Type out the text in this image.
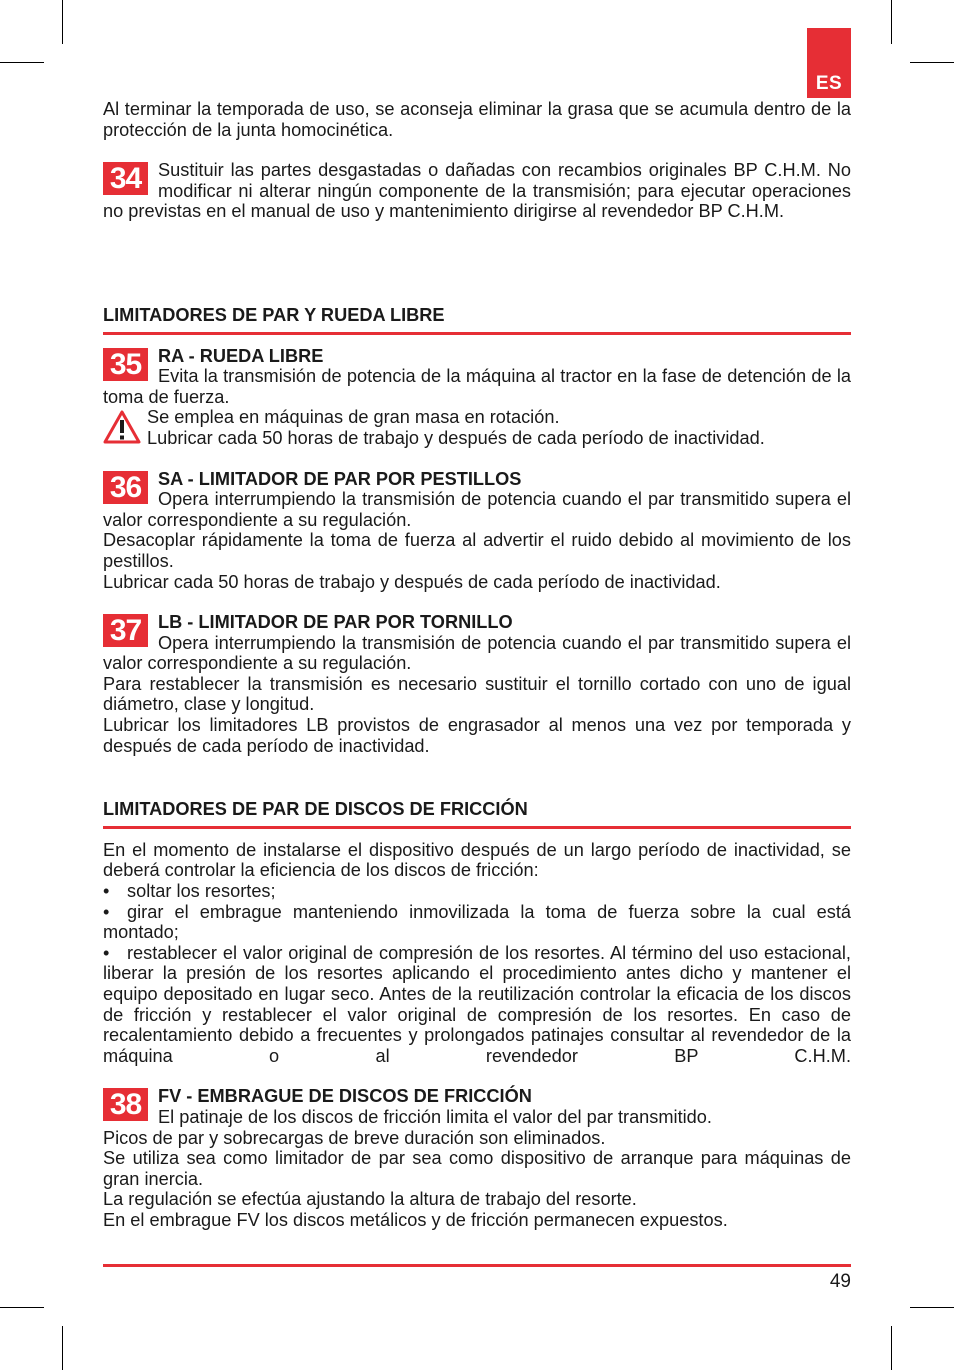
ES

Al terminar la temporada de uso, se aconseja eliminar la grasa que se acumula dentro de la protección de la junta homocinética.

34 Sustituir las partes desgastadas o dañadas con recambios originales BP C.H.M. No modificar ni alterar ningún componente de la transmisión; para ejecutar operaciones no previstas en el manual de uso y mantenimiento dirigirse al revendedor BP C.H.M.

LIMITADORES DE PAR Y RUEDA LIBRE
35 RA - RUEDA LIBRE

Evita la transmisión de potencia de la máquina al tractor en la fase de detención de la toma de fuerza.

Se emplea en máquinas de gran masa en rotación.

Lubricar cada 50 horas de trabajo y después de cada período de inactividad.

36 SA - LIMITADOR DE PAR POR PESTILLOS

Opera interrumpiendo la transmisión de potencia cuando el par transmitido supera el valor correspondiente a su regulación.

Desacoplar rápidamente la toma de fuerza al advertir el ruido debido al movimiento de los pestillos.

Lubricar cada 50 horas de trabajo y después de cada período de inactividad.

37 LB - LIMITADOR DE PAR POR TORNILLO

Opera interrumpiendo la transmisión de potencia cuando el par transmitido supera el valor correspondiente a su regulación.

Para restablecer la transmisión es necesario sustituir el tornillo cortado con uno de igual diámetro, clase y longitud.

Lubricar los limitadores LB provistos de engrasador al menos una vez por temporada y después de cada período de inactividad.

LIMITADORES DE PAR DE DISCOS DE FRICCIÓN

En el momento de instalarse el dispositivo después de un largo período de inactividad, se deberá controlar la eficiencia de los discos de fricción:

• soltar los resortes;

• girar el embrague manteniendo inmovilizada la toma de fuerza sobre la cual está montado;

• restablecer el valor original de compresión de los resortes. Al término del uso estacional, liberar la presión de los resortes aplicando el procedimiento antes dicho y mantener el equipo depositado en lugar seco. Antes de la reutilización controlar la eficacia de los discos de fricción y restablecer el valor original de compresión de los resortes. En caso de recalentamiento debido a frecuentes y prolongados patinajes consultar al revendedor de la máquina o al revendedor BP C.H.M.

38 FV - EMBRAGUE DE DISCOS DE FRICCIÓN

El patinaje de los discos de fricción limita el valor del par transmitido.

Picos de par y sobrecargas de breve duración son eliminados.

Se utiliza sea como limitador de par sea como dispositivo de arranque para máquinas de gran inercia.

La regulación se efectúa ajustando la altura de trabajo del resorte.

En el embrague FV los discos metálicos y de fricción permanecen expuestos.

49
